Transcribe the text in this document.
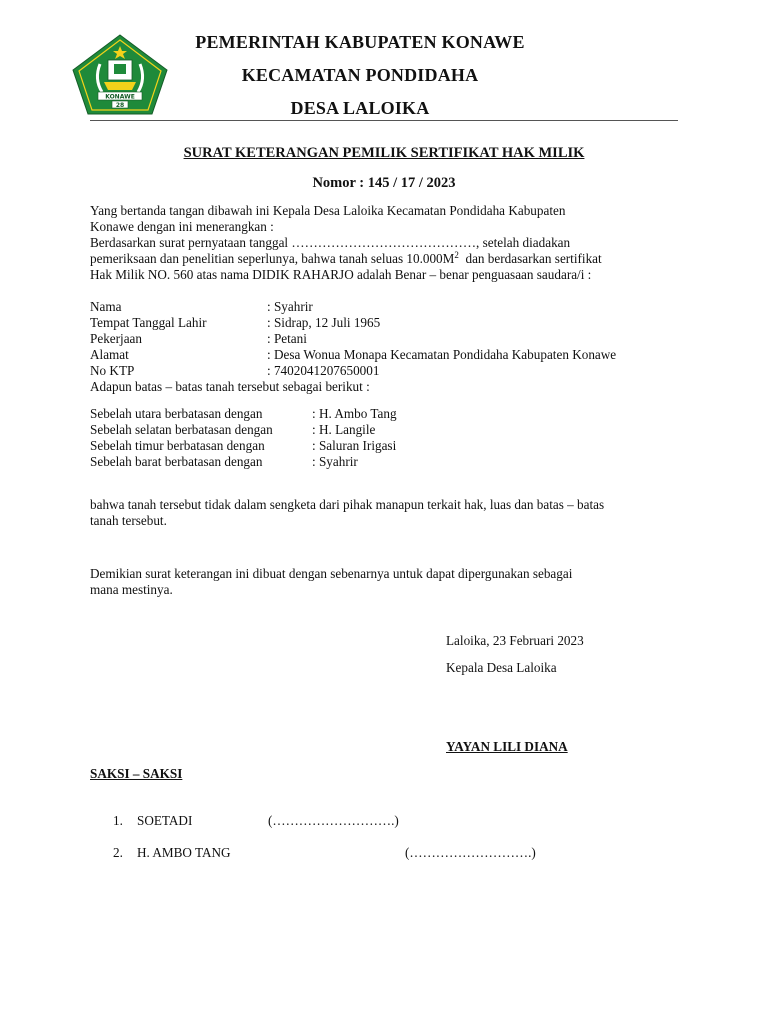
KONAWE
28
PEMERINTAH KABUPATEN KONAWE
KECAMATAN PONDIDAHA
DESA LALOIKA
SURAT KETERANGAN PEMILIK SERTIFIKAT HAK MILIK
Nomor : 145 / 17 / 2023
Yang bertanda tangan dibawah ini Kepala Desa Laloika Kecamatan Pondidaha Kabupaten
Konawe dengan ini menerangkan :
Berdasarkan surat pernyataan tanggal ……………………………………, setelah diadakan
pemeriksaan dan penelitian seperlunya, bahwa tanah seluas $10.000M^2$  dan berdasarkan sertifikat
Hak Milik NO. 560 atas nama DIDIK RAHARJO adalah Benar – benar penguasaan saudara/i :
Nama	: Syahrir
Tempat Tanggal Lahir	: Sidrap, 12 Juli 1965
Pekerjaan	: Petani
Alamat	: Desa Wonua Monapa Kecamatan Pondidaha Kabupaten Konawe
No KTP	: 7402041207650001
Adapun batas – batas tanah tersebut sebagai berikut :
Sebelah utara berbatasan dengan	: H. Ambo Tang
Sebelah selatan berbatasan dengan	: H. Langile
Sebelah timur berbatasan dengan	: Saluran Irigasi
Sebelah barat berbatasan dengan	: Syahrir
bahwa tanah tersebut tidak dalam sengketa dari pihak manapun terkait hak, luas dan batas – batas
tanah tersebut.
Demikian surat keterangan ini dibuat dengan sebenarnya untuk dapat dipergunakan sebagai
mana mestinya.
Laloika, 23 Februari 2023
Kepala Desa Laloika
YAYAN LILI DIANA
SAKSI – SAKSI
1. SOETADI	(……………………….)
2. H. AMBO TANG	(……………………….)
